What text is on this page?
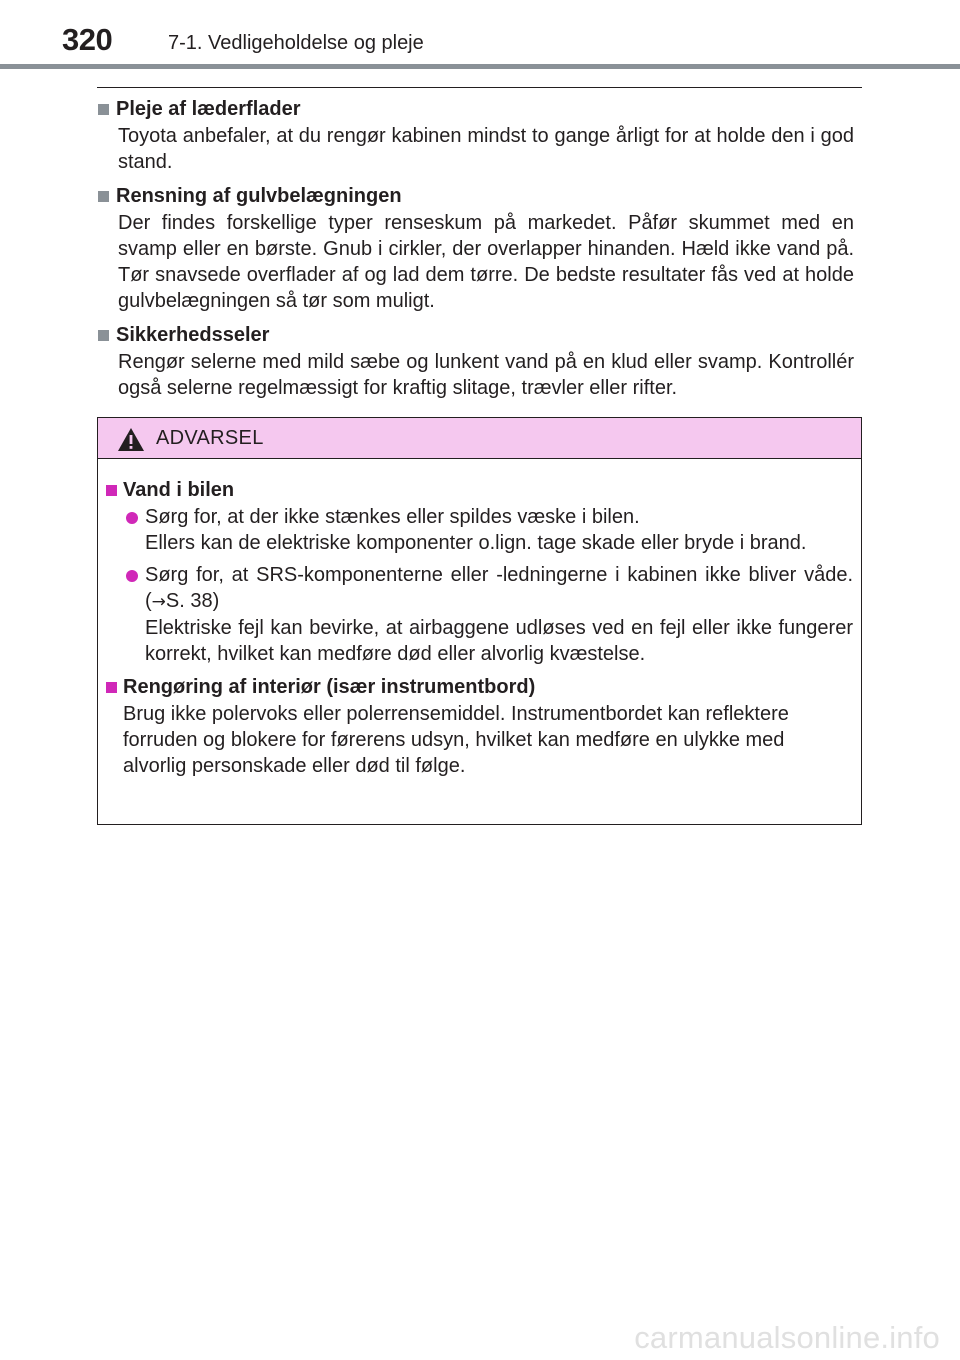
320	7-1. Vedligeholdelse og pleje
Pleje af læderflader
Toyota anbefaler, at du rengør kabinen mindst to gange årligt for at holde den i god stand.
Rensning af gulvbelægningen
Der findes forskellige typer renseskum på markedet. Påfør skummet med en svamp eller en børste. Gnub i cirkler, der overlapper hinanden. Hæld ikke vand på. Tør snavsede overflader af og lad dem tørre. De bedste resultater fås ved at holde gulvbelægningen så tør som muligt.
Sikkerhedsseler
Rengør selerne med mild sæbe og lunkent vand på en klud eller svamp. Kontrollér også selerne regelmæssigt for kraftig slitage, trævler eller rifter.
ADVARSEL
Vand i bilen
Sørg for, at der ikke stænkes eller spildes væske i bilen.
Ellers kan de elektriske komponenter o.lign. tage skade eller bryde i brand.
Sørg for, at SRS-komponenterne eller -ledningerne i kabinen ikke bliver våde. (→S. 38)
Elektriske fejl kan bevirke, at airbaggene udløses ved en fejl eller ikke fungerer korrekt, hvilket kan medføre død eller alvorlig kvæstelse.
Rengøring af interiør (især instrumentbord)
Brug ikke polervoks eller polerrensemiddel. Instrumentbordet kan reflektere forruden og blokere for førerens udsyn, hvilket kan medføre en ulykke med alvorlig personskade eller død til følge.
carmanualsonline.info
